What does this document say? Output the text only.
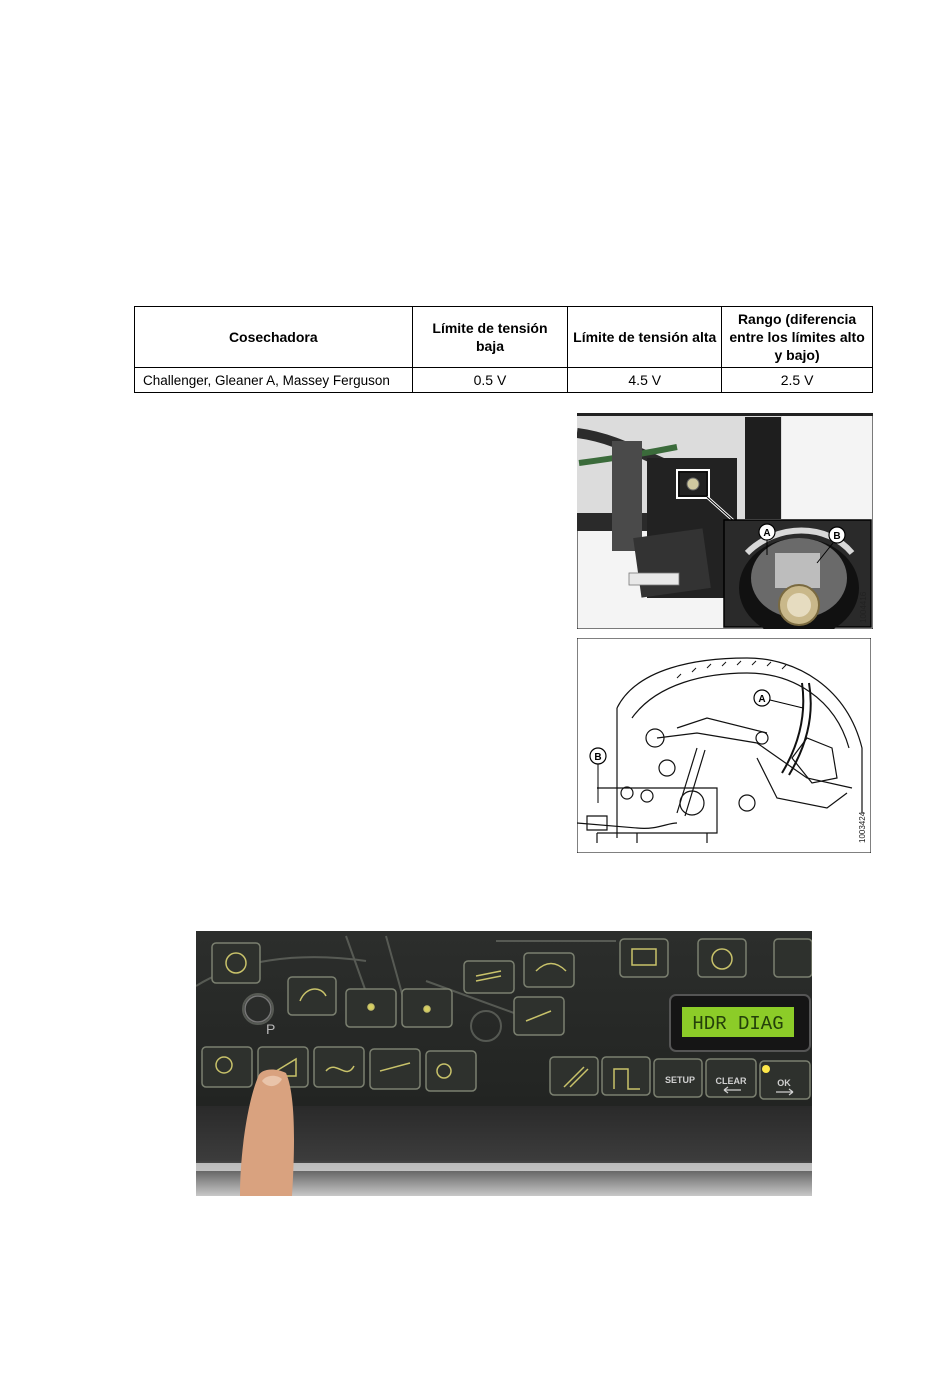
Cosechadora	Límite de tensión baja	Límite de tensión alta	Rango (diferencia entre los límites alto y bajo)
Challenger, Gleaner A, Massey Ferguson	0.5 V	4.5 V	2.5 V
A	B
1004416
A
B
1003424
P	HDR DIAG
SETUP CLEAR	OK
